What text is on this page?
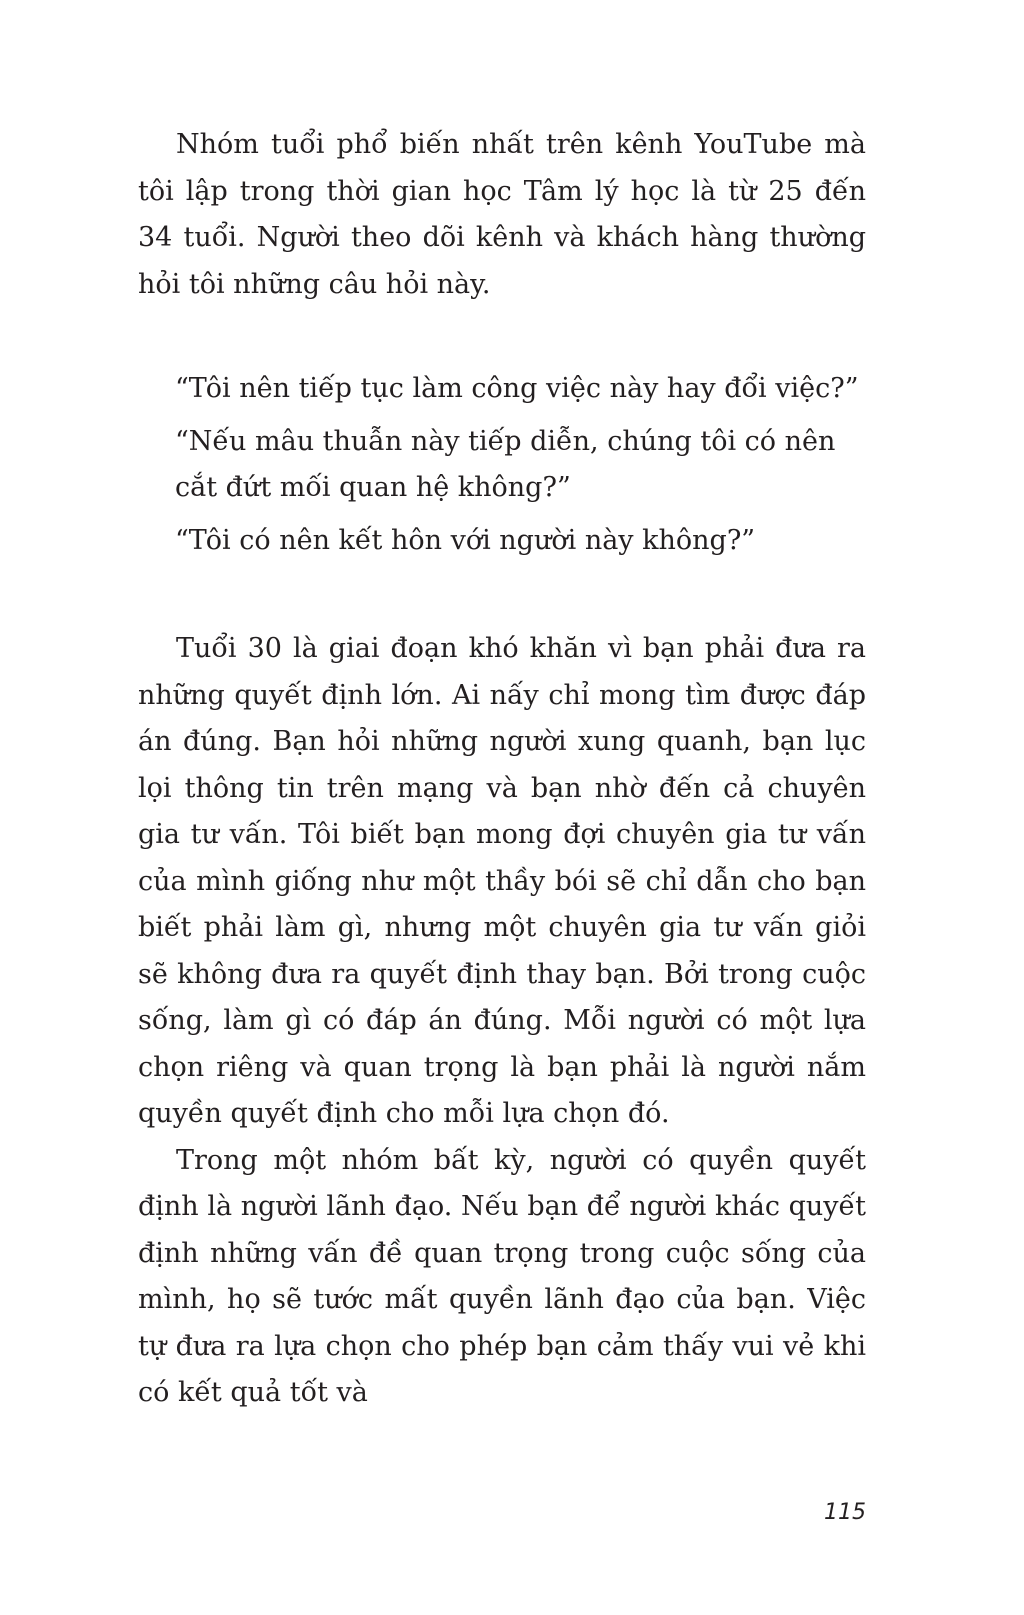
Nhóm tuổi phổ biến nhất trên kênh YouTube mà tôi lập trong thời gian học Tâm lý học là từ 25 đến 34 tuổi. Người theo dõi kênh và khách hàng thường hỏi tôi những câu hỏi này.

“Tôi nên tiếp tục làm công việc này hay đổi việc?”
“Nếu mâu thuẫn này tiếp diễn, chúng tôi có nên cắt đứt mối quan hệ không?”
“Tôi có nên kết hôn với người này không?”

Tuổi 30 là giai đoạn khó khăn vì bạn phải đưa ra những quyết định lớn. Ai nấy chỉ mong tìm được đáp án đúng. Bạn hỏi những người xung quanh, bạn lục lọi thông tin trên mạng và bạn nhờ đến cả chuyên gia tư vấn. Tôi biết bạn mong đợi chuyên gia tư vấn của mình giống như một thầy bói sẽ chỉ dẫn cho bạn biết phải làm gì, nhưng một chuyên gia tư vấn giỏi sẽ không đưa ra quyết định thay bạn. Bởi trong cuộc sống, làm gì có đáp án đúng. Mỗi người có một lựa chọn riêng và quan trọng là bạn phải là người nắm quyền quyết định cho mỗi lựa chọn đó.

Trong một nhóm bất kỳ, người có quyền quyết định là người lãnh đạo. Nếu bạn để người khác quyết định những vấn đề quan trọng trong cuộc sống của mình, họ sẽ tước mất quyền lãnh đạo của bạn. Việc tự đưa ra lựa chọn cho phép bạn cảm thấy vui vẻ khi có kết quả tốt và

115
